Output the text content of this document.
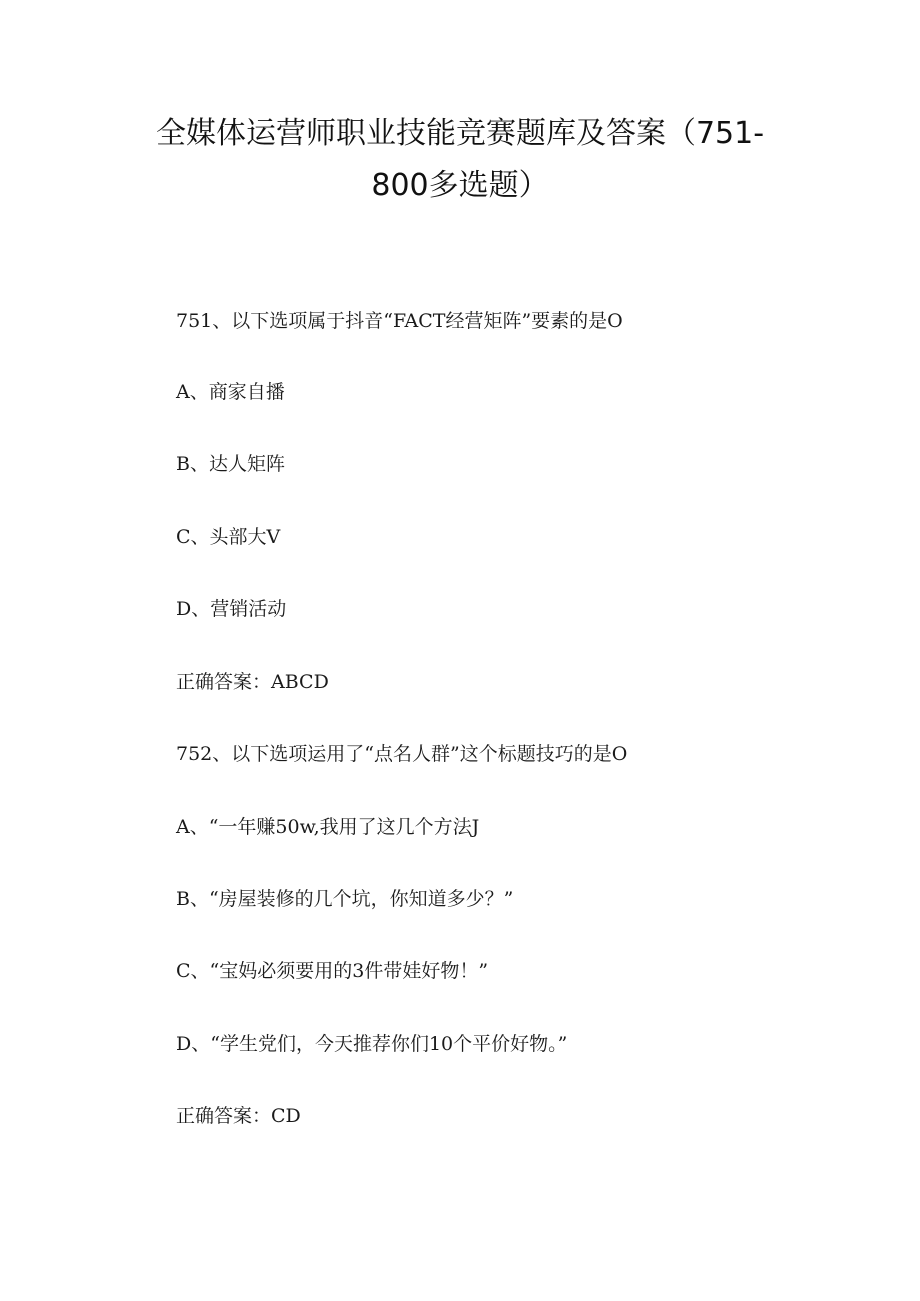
全媒体运营师职业技能竞赛题库及答案（751-800多选题）

751、以下选项属于抖音“FACT经营矩阵”要素的是O

A、商家自播

B、达人矩阵

C、头部大V

D、营销活动

正确答案：ABCD

752、以下选项运用了“点名人群”这个标题技巧的是O

A、“一年赚50w,我用了这几个方法J

B、“房屋装修的几个坑，你知道多少？”

C、“宝妈必须要用的3件带娃好物！”

D、“学生党们，今天推荐你们10个平价好物。”

正确答案：CD
